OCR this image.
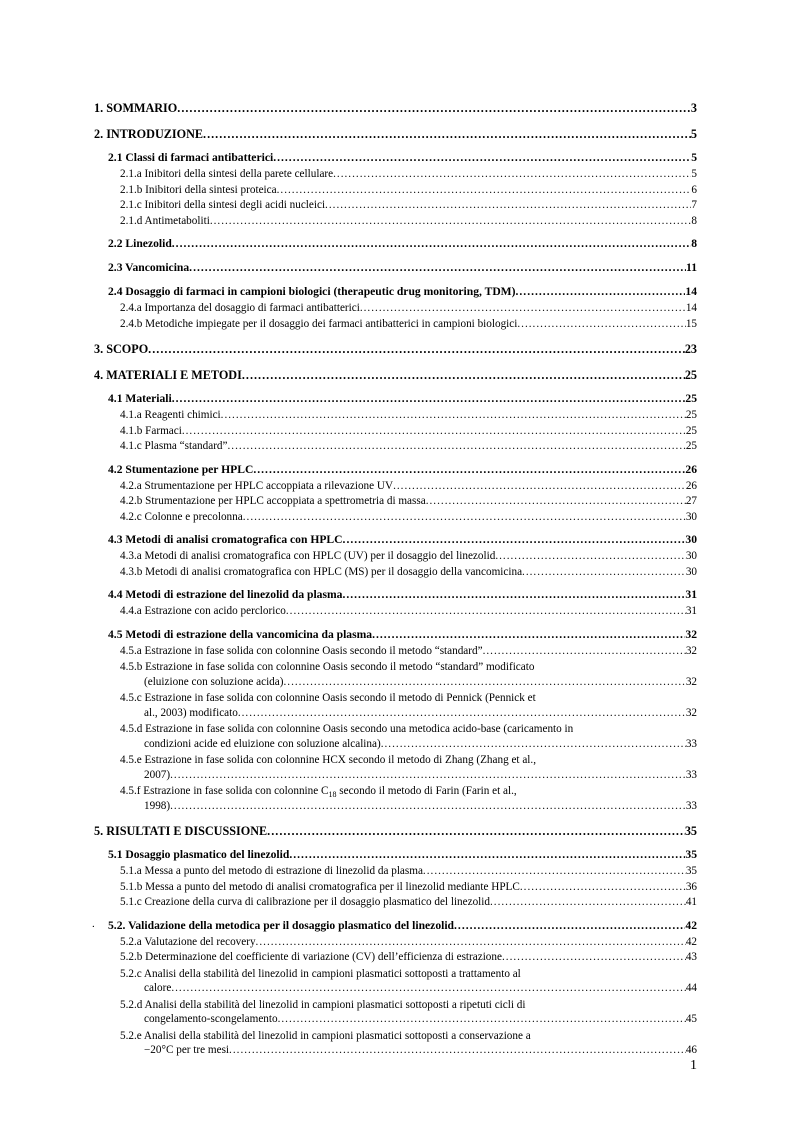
1. SOMMARIO .....	3
2. INTRODUZIONE .....	5
2.1 Classi di farmaci antibatterici .....	5
2.1.a Inibitori della sintesi della parete cellulare .....	5
2.1.b Inibitori della sintesi proteica .....	6
2.1.c Inibitori della sintesi degli acidi nucleici .....	7
2.1.d Antimetaboliti .....	8
2.2 Linezolid .....	8
2.3 Vancomicina .....	11
2.4 Dosaggio di farmaci in campioni biologici (therapeutic drug monitoring, TDM) .....	14
2.4.a Importanza del dosaggio di farmaci antibatterici .....	14
2.4.b Metodiche impiegate per il dosaggio dei farmaci antibatterici in campioni biologici .....	15
3. SCOPO .....	23
4. MATERIALI E METODI .....	25
4.1 Materiali .....	25
4.1.a Reagenti chimici .....	25
4.1.b Farmaci .....	25
4.1.c Plasma “standard” .....	25
4.2 Stumentazione per HPLC .....	26
4.2.a Strumentazione per HPLC accoppiata a rilevazione UV .....	26
4.2.b Strumentazione per HPLC accoppiata a spettrometria di massa .....	27
4.2.c Colonne e precolonna .....	30
4.3 Metodi di analisi cromatografica con HPLC .....	30
4.3.a Metodi di analisi cromatografica con HPLC (UV) per il dosaggio del linezolid .....	30
4.3.b Metodi di analisi cromatografica con HPLC (MS) per il dosaggio della vancomicina .....	30
4.4 Metodi di estrazione del linezolid da plasma .....	31
4.4.a Estrazione con acido perclorico .....	31
4.5 Metodi di estrazione della vancomicina da plasma .....	32
4.5.a Estrazione in fase solida con colonnine Oasis secondo il metodo “standard” .....	32
4.5.b Estrazione in fase solida con colonnine Oasis secondo il metodo “standard” modificato
(eluizione con soluzione acida) .....	32
4.5.c Estrazione in fase solida con colonnine Oasis secondo il metodo di Pennick (Pennick et
al., 2003) modificato .....	32
4.5.d Estrazione in fase solida con colonnine Oasis secondo una metodica acido-base (caricamento in
condizioni acide ed eluizione con soluzione alcalina) .....	33
4.5.e Estrazione in fase solida con colonnine HCX secondo il metodo di Zhang (Zhang et al.,
2007) .....	33
4.5.f Estrazione in fase solida con colonnine $C_{18}$ secondo il metodo di Farin (Farin et al.,
1998) .....	33
5. RISULTATI E DISCUSSIONE .....	35
5.1 Dosaggio plasmatico del linezolid .....	35
5.1.a Messa a punto del metodo di estrazione di linezolid da plasma .....	35
5.1.b Messa a punto del metodo di analisi cromatografica per il linezolid mediante HPLC .....	36
5.1.c Creazione della curva di calibrazione per il dosaggio plasmatico del linezolid .....	41
5.2. Validazione della metodica per il dosaggio plasmatico del linezolid .....	42
5.2.a Valutazione del recovery .....	42
5.2.b Determinazione del coefficiente di variazione (CV) dell’efficienza di estrazione .....	43
5.2.c Analisi della stabilità del linezolid in campioni plasmatici sottoposti a trattamento al
calore .....	44
5.2.d Analisi della stabilità del linezolid in campioni plasmatici sottoposti a ripetuti cicli di
congelamento-scongelamento .....	45
5.2.e Analisi della stabilità del linezolid in campioni plasmatici sottoposti a conservazione a
−20°C per tre mesi .....	46
.
1
